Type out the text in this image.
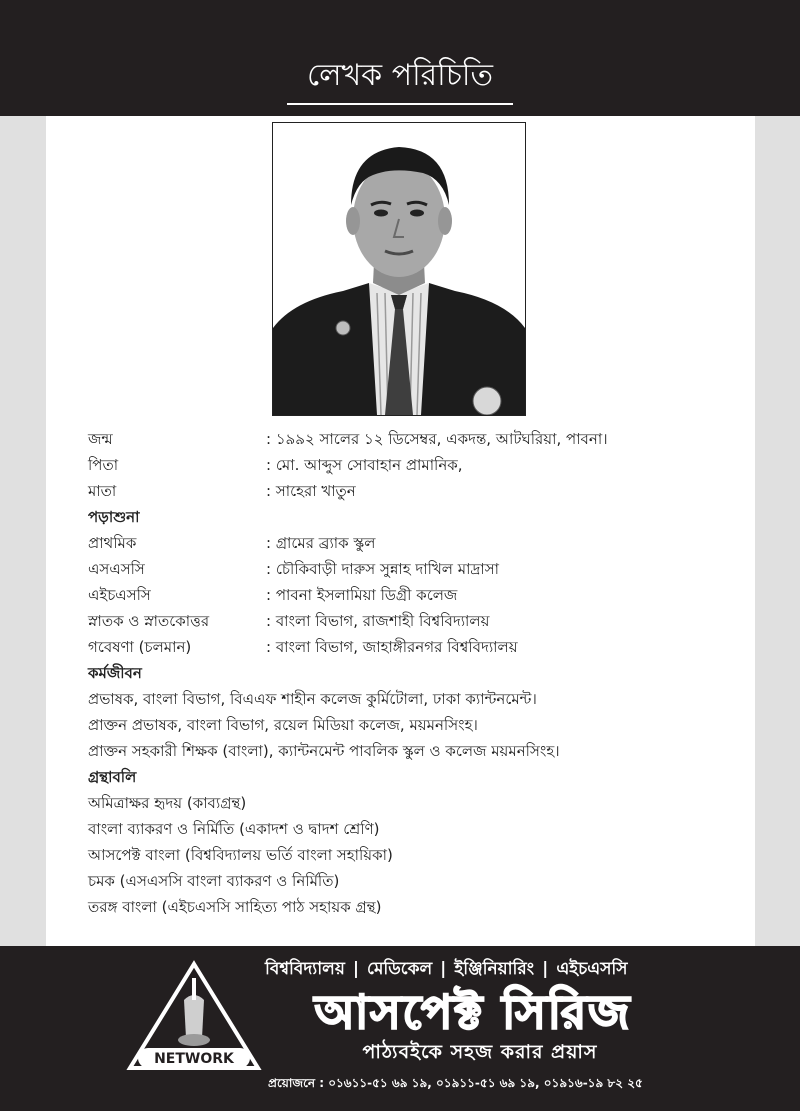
লেখক পরিচিতি
জন্ম	: ১৯৯২ সালের ১২ ডিসেম্বর, একদন্ত, আটঘরিয়া, পাবনা।
পিতা	: মো. আব্দুস সোবাহান প্রামানিক,
মাতা	: সাহেরা খাতুন
পড়াশুনা
প্রাথমিক	: গ্রামের ব্র্যাক স্কুল
এসএসসি	: চৌকিবাড়ী দারুস সুন্নাহ দাখিল মাদ্রাসা
এইচএসসি	: পাবনা ইসলামিয়া ডিগ্রী কলেজ
স্নাতক ও স্নাতকোত্তর	: বাংলা বিভাগ, রাজশাহী বিশ্ববিদ্যালয়
গবেষণা (চলমান)	: বাংলা বিভাগ, জাহাঙ্গীরনগর বিশ্ববিদ্যালয়
কর্মজীবন
প্রভাষক, বাংলা বিভাগ, বিএএফ শাহীন কলেজ কুর্মিটোলা, ঢাকা ক্যান্টনমেন্ট।
প্রাক্তন প্রভাষক, বাংলা বিভাগ, রয়েল মিডিয়া কলেজ, ময়মনসিংহ।
প্রাক্তন সহকারী শিক্ষক (বাংলা), ক্যান্টনমেন্ট পাবলিক স্কুল ও কলেজ ময়মনসিংহ।
গ্রন্থাবলি
অমিত্রাক্ষর হৃদয় (কাব্যগ্রন্থ)
বাংলা ব্যাকরণ ও নির্মিতি (একাদশ ও দ্বাদশ শ্রেণি)
আসপেক্ট বাংলা (বিশ্ববিদ্যালয় ভর্তি বাংলা সহায়িকা)
চমক (এসএসসি বাংলা ব্যাকরণ ও নির্মিতি)
তরঙ্গ বাংলা (এইচএসসি সাহিত্য পাঠ সহায়ক গ্রন্থ)
NETWORK
বিশ্ববিদ্যালয় | মেডিকেল | ইঞ্জিনিয়ারিং | এইচএসসি
আসপেক্ট সিরিজ
পাঠ্যবইকে সহজ করার প্রয়াস
প্রয়োজনে : ০১৬১১-৫১ ৬৯ ১৯, ০১৯১১-৫১ ৬৯ ১৯, ০১৯১৬-১৯ ৮২ ২৫
